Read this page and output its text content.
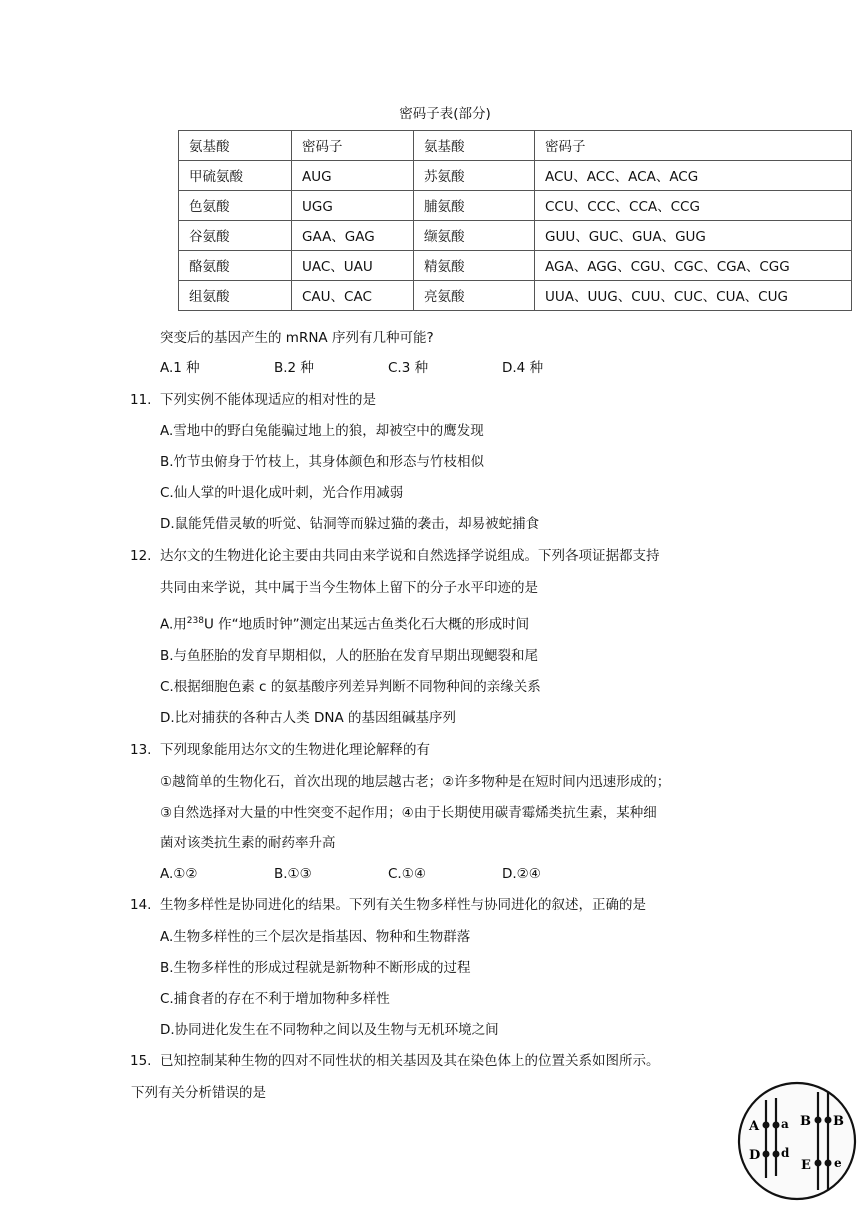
密码子表(部分)
氨基酸	密码子	氨基酸	密码子
甲硫氨酸	AUG	苏氨酸	ACU、ACC、ACA、ACG
色氨酸	UGG	脯氨酸	CCU、CCC、CCA、CCG
谷氨酸	GAA、GAG	缬氨酸	GUU、GUC、GUA、GUG
酪氨酸	UAC、UAU	精氨酸	AGA、AGG、CGU、CGC、CGA、CGG
组氨酸	CAU、CAC	亮氨酸	UUA、UUG、CUU、CUC、CUA、CUG
突变后的基因产生的 mRNA 序列有几种可能?
A.1 种	B.2 种	C.3 种	D.4 种
11. 下列实例不能体现适应的相对性的是
A.雪地中的野白兔能骗过地上的狼，却被空中的鹰发现
B.竹节虫俯身于竹枝上，其身体颜色和形态与竹枝相似
C.仙人掌的叶退化成叶刺，光合作用减弱
D.鼠能凭借灵敏的听觉、钻洞等而躲过猫的袭击，却易被蛇捕食
12. 达尔文的生物进化论主要由共同由来学说和自然选择学说组成。下列各项证据都支持
共同由来学说，其中属于当今生物体上留下的分子水平印迹的是
A.用$^{238}$U 作“地质时钟”测定出某远古鱼类化石大概的形成时间
B.与鱼胚胎的发育早期相似，人的胚胎在发育早期出现鳃裂和尾
C.根据细胞色素 c 的氨基酸序列差异判断不同物种间的亲缘关系
D.比对捕获的各种古人类 DNA 的基因组碱基序列
13. 下列现象能用达尔文的生物进化理论解释的有
①越简单的生物化石，首次出现的地层越古老；②许多物种是在短时间内迅速形成的；
③自然选择对大量的中性突变不起作用；④由于长期使用碳青霉烯类抗生素，某种细
菌对该类抗生素的耐药率升高
A.①②	B.①③	C.①④	D.②④
14. 生物多样性是协同进化的结果。下列有关生物多样性与协同进化的叙述，正确的是
A.生物多样性的三个层次是指基因、物种和生物群落
B.生物多样性的形成过程就是新物种不断形成的过程
C.捕食者的存在不利于增加物种多样性
D.协同进化发生在不同物种之间以及生物与无机环境之间
15. 已知控制某种生物的四对不同性状的相关基因及其在染色体上的位置关系如图所示。
下列有关分析错误的是
A a
D d
B B
E e
